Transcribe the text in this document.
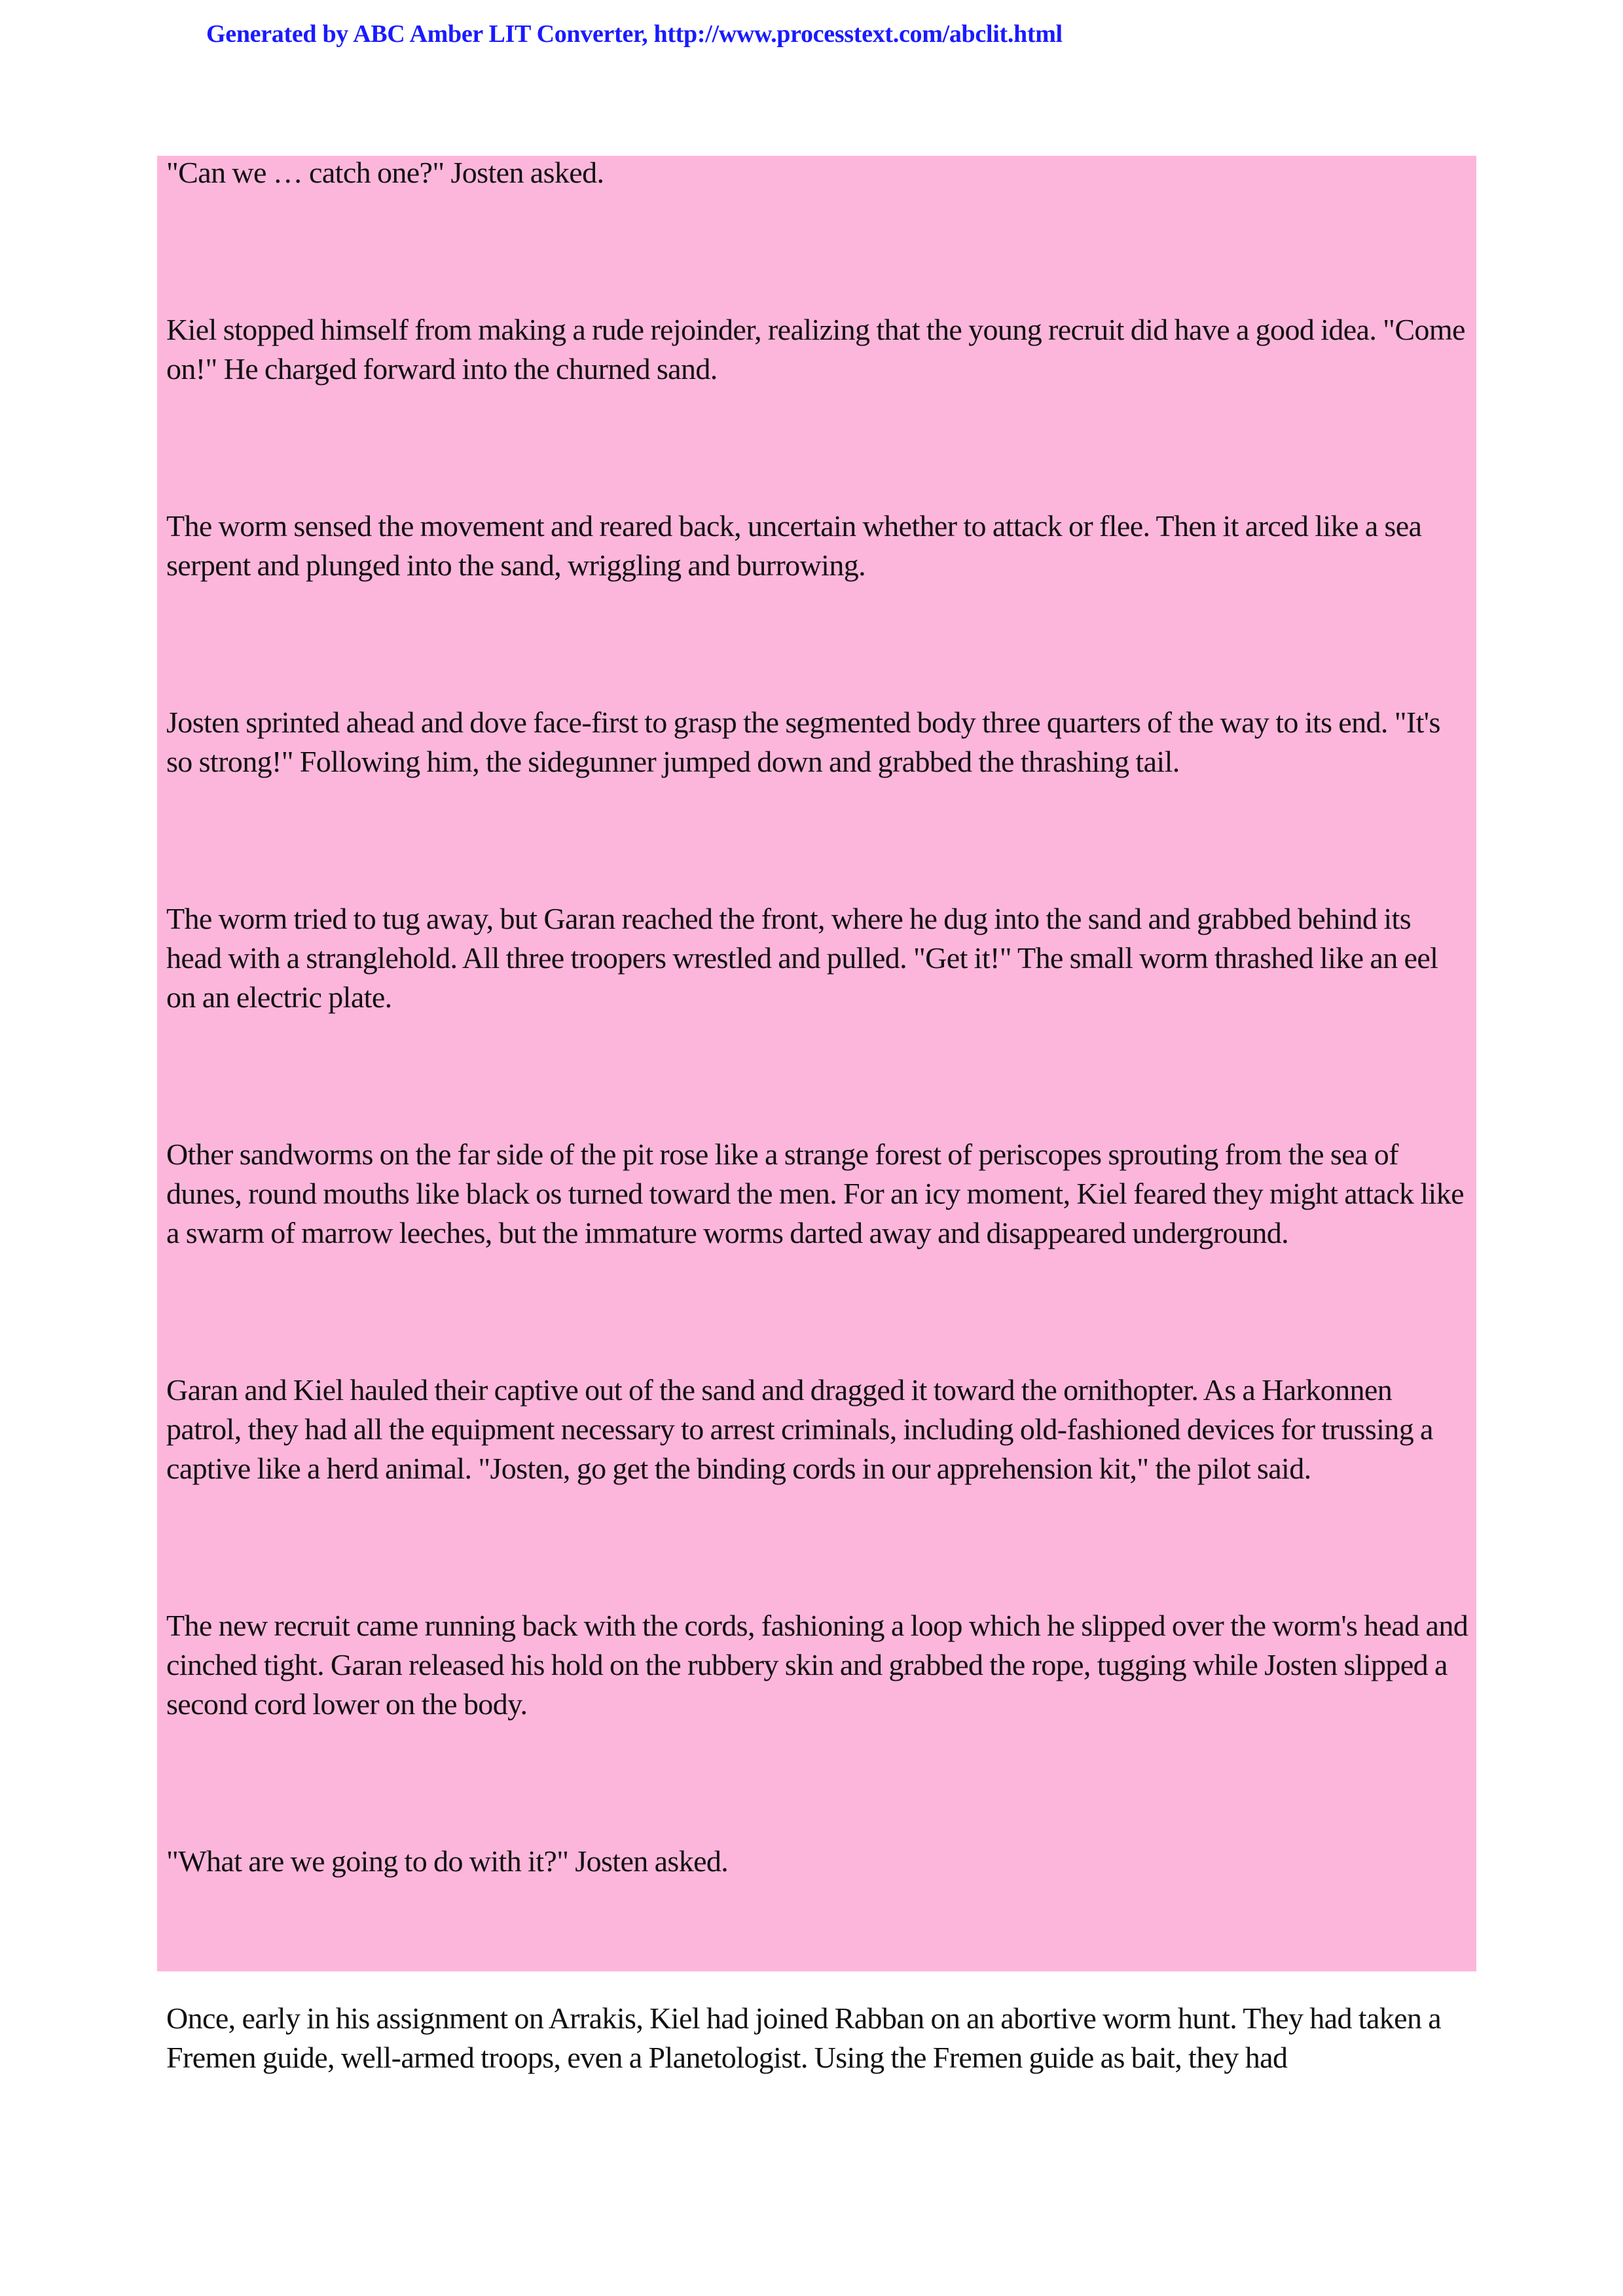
Generated by ABC Amber LIT Converter, http://www.processtext.com/abclit.html

"Can we … catch one?" Josten asked.

Kiel stopped himself from making a rude rejoinder, realizing that the young recruit did have a good idea. "Come on!" He charged forward into the churned sand.

The worm sensed the movement and reared back, uncertain whether to attack or flee. Then it arced like a sea serpent and plunged into the sand, wriggling and burrowing.

Josten sprinted ahead and dove face-first to grasp the segmented body three quarters of the way to its end. "It's so strong!" Following him, the sidegunner jumped down and grabbed the thrashing tail.

The worm tried to tug away, but Garan reached the front, where he dug into the sand and grabbed behind its head with a stranglehold. All three troopers wrestled and pulled. "Get it!" The small worm thrashed like an eel on an electric plate.

Other sandworms on the far side of the pit rose like a strange forest of periscopes sprouting from the sea of dunes, round mouths like black os turned toward the men. For an icy moment, Kiel feared they might attack like a swarm of marrow leeches, but the immature worms darted away and disappeared underground.

Garan and Kiel hauled their captive out of the sand and dragged it toward the ornithopter. As a Harkonnen patrol, they had all the equipment necessary to arrest criminals, including old-fashioned devices for trussing a captive like a herd animal. "Josten, go get the binding cords in our apprehension kit," the pilot said.

The new recruit came running back with the cords, fashioning a loop which he slipped over the worm's head and cinched tight. Garan released his hold on the rubbery skin and grabbed the rope, tugging while Josten slipped a second cord lower on the body.

"What are we going to do with it?" Josten asked.

Once, early in his assignment on Arrakis, Kiel had joined Rabban on an abortive worm hunt. They had taken a Fremen guide, well-armed troops, even a Planetologist. Using the Fremen guide as bait, they had
